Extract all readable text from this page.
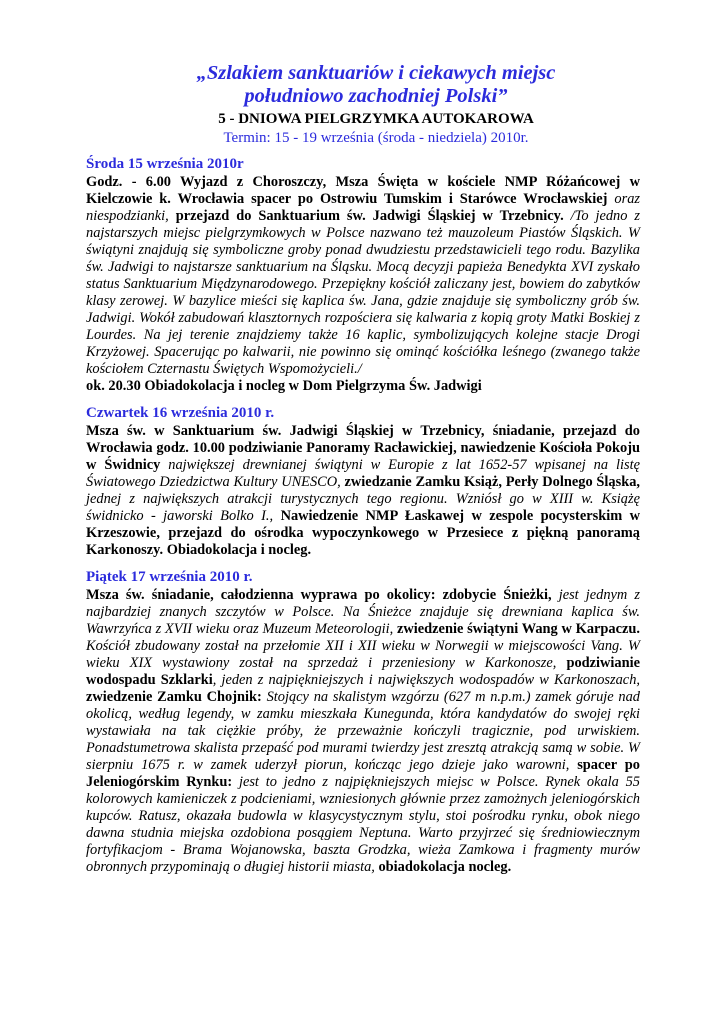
„Szlakiem sanktuariów i ciekawych miejsc

południowo zachodniej Polski”

5 - DNIOWA PIELGRZYMKA AUTOKAROWA

Termin: 15 - 19 września (środa - niedziela) 2010r.

Środa 15 września 2010r

Godz. - 6.00 Wyjazd z Choroszczy, Msza Święta w kościele NMP Różańcowej w Kielczowie k. Wrocławia spacer po Ostrowiu Tumskim i Starówce Wrocławskiej oraz niespodzianki, przejazd do Sanktuarium św. Jadwigi Śląskiej w Trzebnicy. /To jedno z najstarszych miejsc pielgrzymkowych w Polsce nazwano też mauzoleum Piastów Śląskich. W świątyni znajdują się symboliczne groby ponad dwudziestu przedstawicieli tego rodu. Bazylika św. Jadwigi to najstarsze sanktuarium na Śląsku. Mocą decyzji papieża Benedykta XVI zyskało status Sanktuarium Międzynarodowego. Przepiękny kościół zaliczany jest, bowiem do zabytków klasy zerowej. W bazylice mieści się kaplica św. Jana, gdzie znajduje się symboliczny grób św. Jadwigi. Wokół zabudowań klasztornych rozpościera się kalwaria z kopią groty Matki Boskiej z Lourdes. Na jej terenie znajdziemy także 16 kaplic, symbolizujących kolejne stacje Drogi Krzyżowej. Spacerując po kalwarii, nie powinno się ominąć kościółka leśnego (zwanego także kościołem Czternastu Świętych Wspomożycieli./

ok. 20.30 Obiadokolacja i nocleg w Dom Pielgrzyma Św. Jadwigi

Czwartek 16 września 2010 r.

Msza św. w Sanktuarium św. Jadwigi Śląskiej w Trzebnicy, śniadanie, przejazd do Wrocławia godz. 10.00 podziwianie Panoramy Racławickiej, nawiedzenie Kościoła Pokoju w Świdnicy największej drewnianej świątyni w Europie z lat 1652-57 wpisanej na listę Światowego Dziedzictwa Kultury UNESCO, zwiedzanie Zamku Książ, Perły Dolnego Śląska, jednej z największych atrakcji turystycznych tego regionu. Wzniósł go w XIII w. Książę świdnicko - jaworski Bolko I., Nawiedzenie NMP Łaskawej w zespole pocysterskim w Krzeszowie, przejazd do ośrodka wypoczynkowego w Przesiece z piękną panoramą Karkonoszy. Obiadokolacja i nocleg.

Piątek 17 września 2010 r.

Msza św. śniadanie, całodzienna wyprawa po okolicy: zdobycie Śnieżki, jest jednym z najbardziej znanych szczytów w Polsce. Na Śnieżce znajduje się drewniana kaplica św. Wawrzyńca z XVII wieku oraz Muzeum Meteorologii, zwiedzenie świątyni Wang w Karpaczu. Kościół zbudowany został na przełomie XII i XII wieku w Norwegii w miejscowości Vang. W wieku XIX wystawiony został na sprzedaż i przeniesiony w Karkonosze, podziwianie wodospadu Szklarki, jeden z najpiękniejszych i największych wodospadów w Karkonoszach, zwiedzenie Zamku Chojnik: Stojący na skalistym wzgórzu (627 m n.p.m.) zamek góruje nad okolicą, według legendy, w zamku mieszkała Kunegunda, która kandydatów do swojej ręki wystawiała na tak ciężkie próby, że przeważnie kończyli tragicznie, pod urwiskiem. Ponadstumetrowa skalista przepaść pod murami twierdzy jest zresztą atrakcją samą w sobie. W sierpniu 1675 r. w zamek uderzył piorun, kończąc jego dzieje jako warowni, spacer po Jeleniogórskim Rynku: jest to jedno z najpiękniejszych miejsc w Polsce. Rynek okala 55 kolorowych kamieniczek z podcieniami, wzniesionych głównie przez zamożnych jeleniogórskich kupców. Ratusz, okazała budowla w klasycystycznym stylu, stoi pośrodku rynku, obok niego dawna studnia miejska ozdobiona posągiem Neptuna. Warto przyjrzeć się średniowiecznym fortyfikacjom - Brama Wojanowska, baszta Grodzka, wieża Zamkowa i fragmenty murów obronnych przypominają o długiej historii miasta, obiadokolacja nocleg.
